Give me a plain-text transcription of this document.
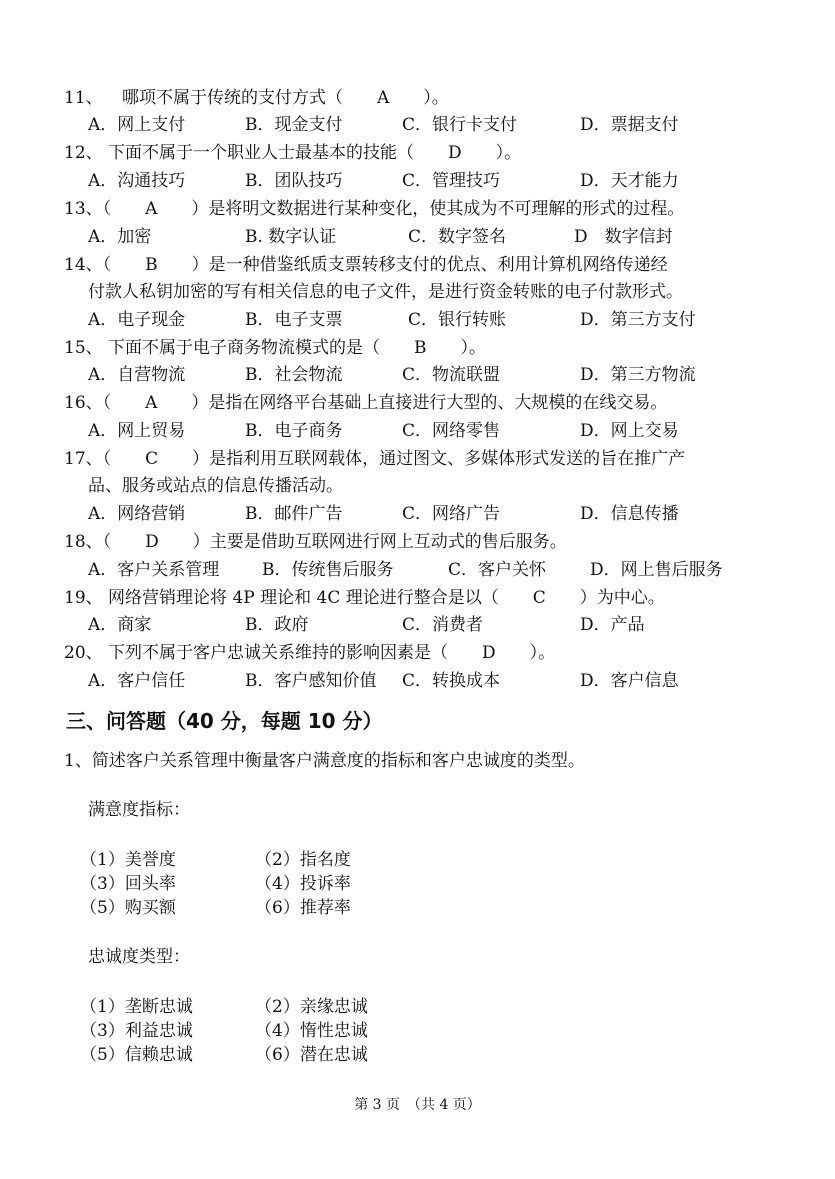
11、　  哪项不属于传统的支付方式（　　A　　）。
A．网上支付	B．现金支付	C．银行卡支付	D．票据支付
12、 下面不属于一个职业人士最基本的技能（　　D　　）。
A．沟通技巧	B．团队技巧	C．管理技巧	D．天才能力
13、（　　A　　）是将明文数据进行某种变化，使其成为不可理解的形式的过程。
A．加密	B. 数字认证	C．数字签名	D　数字信封
14、（　　B　　）是一种借鉴纸质支票转移支付的优点、利用计算机网络传递经
付款人私钥加密的写有相关信息的电子文件，是进行资金转账的电子付款形式。
A．电子现金	B．电子支票	C．银行转账	D．第三方支付
15、 下面不属于电子商务物流模式的是（　　B　　）。
A．自营物流	B．社会物流	C．物流联盟	D．第三方物流
16、（　　A　　）是指在网络平台基础上直接进行大型的、大规模的在线交易。
A．网上贸易	B．电子商务	C．网络零售	D．网上交易
17、（　　C　　）是指利用互联网载体，通过图文、多媒体形式发送的旨在推广产
品、服务或站点的信息传播活动。
A．网络营销	B．邮件广告	C．网络广告	D．信息传播
18、（　　D　　）主要是借助互联网进行网上互动式的售后服务。
A．客户关系管理	B．传统售后服务	C．客户关怀	D．网上售后服务
19、 网络营销理论将 4P 理论和 4C 理论进行整合是以（　　C　　）为中心。
A．商家	B．政府	C．消费者	D．产品
20、 下列不属于客户忠诚关系维持的影响因素是（　　D　　）。
A．客户信任	B．客户感知价值 C．转换成本	D．客户信息
三、问答题（40 分，每题 10 分）
1、简述客户关系管理中衡量客户满意度的指标和客户忠诚度的类型。
满意度指标：
（1）美誉度	（2）指名度
（3）回头率	（4）投诉率
（5）购买额	（6）推荐率
忠诚度类型：
（1）垄断忠诚	（2）亲缘忠诚
（3）利益忠诚	（4）惰性忠诚
（5）信赖忠诚	（6）潜在忠诚
第 3 页　（共 4 页）
